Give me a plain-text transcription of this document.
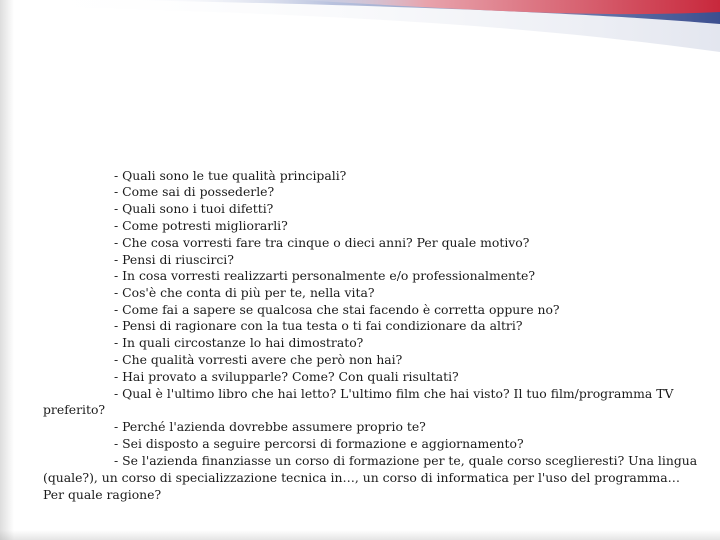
- Quali sono le tue qualità principali?
- Come sai di possederle?
- Quali sono i tuoi difetti?
- Come potresti migliorarli?
- Che cosa vorresti fare tra cinque o dieci anni? Per quale motivo?
- Pensi di riuscirci?
- In cosa vorresti realizzarti personalmente e/o professionalmente?
- Cos'è che conta di più per te, nella vita?
- Come fai a sapere se qualcosa che stai facendo è corretta oppure no?
- Pensi di ragionare con la tua testa o ti fai condizionare da altri?
- In quali circostanze lo hai dimostrato?
- Che qualità vorresti avere che però non hai?
- Hai provato a svilupparle? Come? Con quali risultati?
- Qual è l'ultimo libro che hai letto? L'ultimo film che hai visto? Il tuo film/programma TV
preferito?
- Perché l'azienda dovrebbe assumere proprio te?
- Sei disposto a seguire percorsi di formazione e aggiornamento?
- Se l'azienda finanziasse un corso di formazione per te, quale corso sceglieresti? Una lingua
(quale?), un corso di specializzazione tecnica in…, un corso di informatica per l'uso del programma…
Per quale ragione?
